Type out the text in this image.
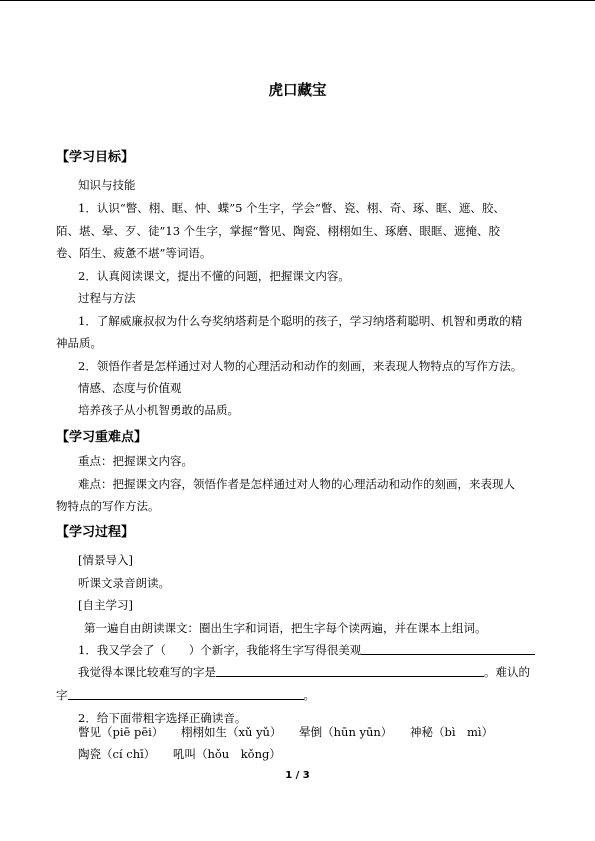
虎口藏宝
【学习目标】
知识与技能
1．认识“瞥、栩、眶、忡、蝶”5 个生字，学会“瞥、瓷、栩、奇、琢、眶、遮、胶、
陌、堪、晕、歹、徒”13 个生字，掌握“瞥见、陶瓷、栩栩如生、琢磨、眼眶、遮掩、胶
卷、陌生、疲惫不堪”等词语。
2．认真阅读课文，提出不懂的问题，把握课文内容。
过程与方法
1．了解威廉叔叔为什么夸奖纳塔莉是个聪明的孩子，学习纳塔莉聪明、机智和勇敢的精
神品质。
2．领悟作者是怎样通过对人物的心理活动和动作的刻画，来表现人物特点的写作方法。
情感、态度与价值观
培养孩子从小机智勇敢的品质。
【学习重难点】
重点：把握课文内容。
难点：把握课文内容，领悟作者是怎样通过对人物的心理活动和动作的刻画，来表现人
物特点的写作方法。
【学习过程】
[情景导入]
听课文录音朗读。
[自主学习]
第一遍自由朗读课文：圈出生字和词语，把生字每个读两遍，并在课本上组词。
1．我又学会了（　　）个新字，我能将生字写得很美观
我觉得本课比较难写的字是	。难认的
字	。
2．给下面带粗字选择正确读音。
瞥见（piē pēi） 栩栩如生（xǔ yǔ） 晕倒（hūn yūn） 神秘（bì　mì）
陶瓷（cí chī） 吼叫（hǒu　kǒng）
1 / 3
